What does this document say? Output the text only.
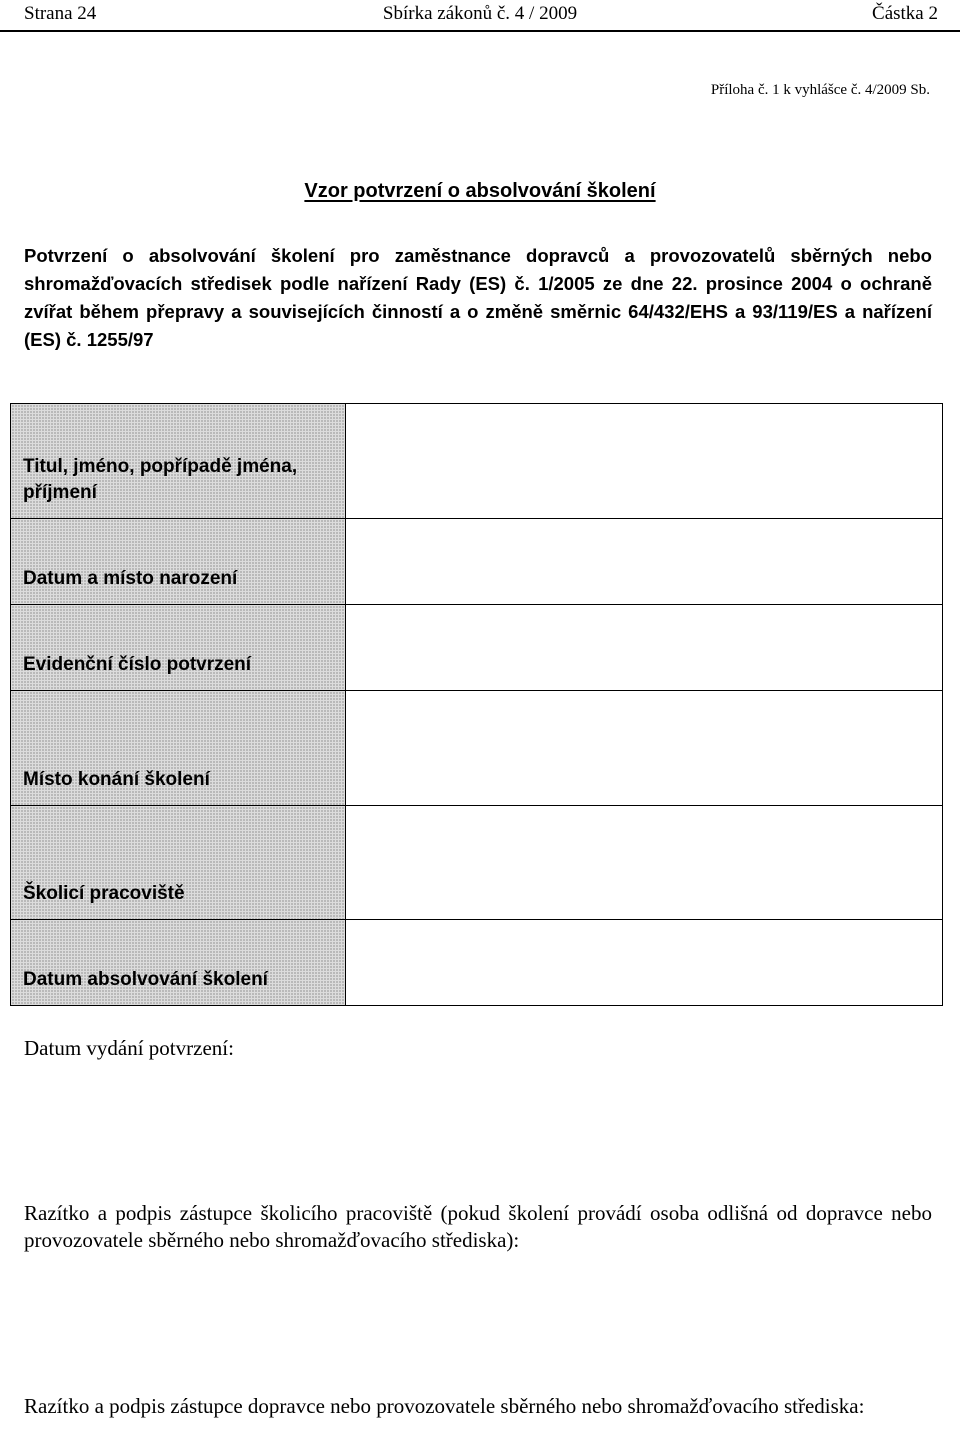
Strana 24	Sbírka zákonů č. 4 / 2009	Částka 2
Příloha č. 1 k vyhlášce č. 4/2009 Sb.
Vzor potvrzení o absolvování školení

Potvrzení o absolvování školení pro zaměstnance dopravců a provozovatelů sběrných nebo shromažďovacích středisek podle nařízení Rady (ES) č. 1/2005 ze dne 22. prosince 2004 o ochraně zvířat během přepravy a souvisejících činností a o změně směrnic 64/432/EHS a 93/119/ES a nařízení (ES) č. 1255/97

Titul, jméno, popřípadě jména, příjmení	
Datum a místo narození	
Evidenční číslo potvrzení	
Místo konání školení	
Školicí pracoviště	
Datum absolvování školení	

Datum vydání potvrzení:

Razítko a podpis zástupce školicího pracoviště (pokud školení provádí osoba odlišná od dopravce nebo provozovatele sběrného nebo shromažďovacího střediska):

Razítko a podpis zástupce dopravce nebo provozovatele sběrného nebo shromažďovacího střediska:
